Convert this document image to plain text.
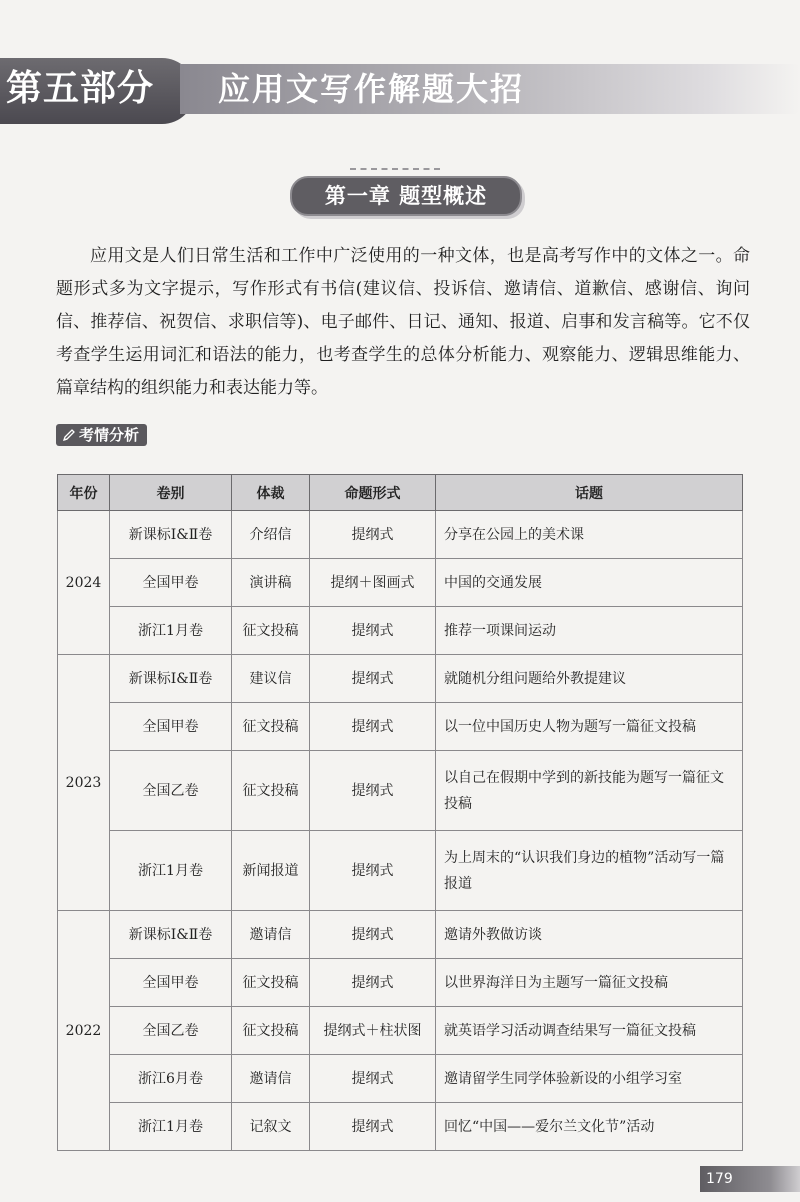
第五部分 应用文写作解题大招
第一章 题型概述

应用文是人们日常生活和工作中广泛使用的一种文体，也是高考写作中的文体之一。命题形式多为文字提示，写作形式有书信(建议信、投诉信、邀请信、道歉信、感谢信、询问信、推荐信、祝贺信、求职信等)、电子邮件、日记、通知、报道、启事和发言稿等。它不仅考查学生运用词汇和语法的能力，也考查学生的总体分析能力、观察能力、逻辑思维能力、篇章结构的组织能力和表达能力等。

考情分析
年份	卷别	体裁	命题形式	话题
2024	新课标Ⅰ&Ⅱ卷	介绍信	提纲式	分享在公园上的美术课
	全国甲卷	演讲稿	提纲＋图画式	中国的交通发展
	浙江1月卷	征文投稿	提纲式	推荐一项课间运动
2023	新课标Ⅰ&Ⅱ卷	建议信	提纲式	就随机分组问题给外教提建议
	全国甲卷	征文投稿	提纲式	以一位中国历史人物为题写一篇征文投稿
	全国乙卷	征文投稿	提纲式	以自己在假期中学到的新技能为题写一篇征文投稿
	浙江1月卷	新闻报道	提纲式	为上周末的“认识我们身边的植物”活动写一篇报道
2022	新课标Ⅰ&Ⅱ卷	邀请信	提纲式	邀请外教做访谈
	全国甲卷	征文投稿	提纲式	以世界海洋日为主题写一篇征文投稿
	全国乙卷	征文投稿	提纲式＋柱状图	就英语学习活动调查结果写一篇征文投稿
	浙江6月卷	邀请信	提纲式	邀请留学生同学体验新设的小组学习室
	浙江1月卷	记叙文	提纲式	回忆“中国——爱尔兰文化节”活动
179
